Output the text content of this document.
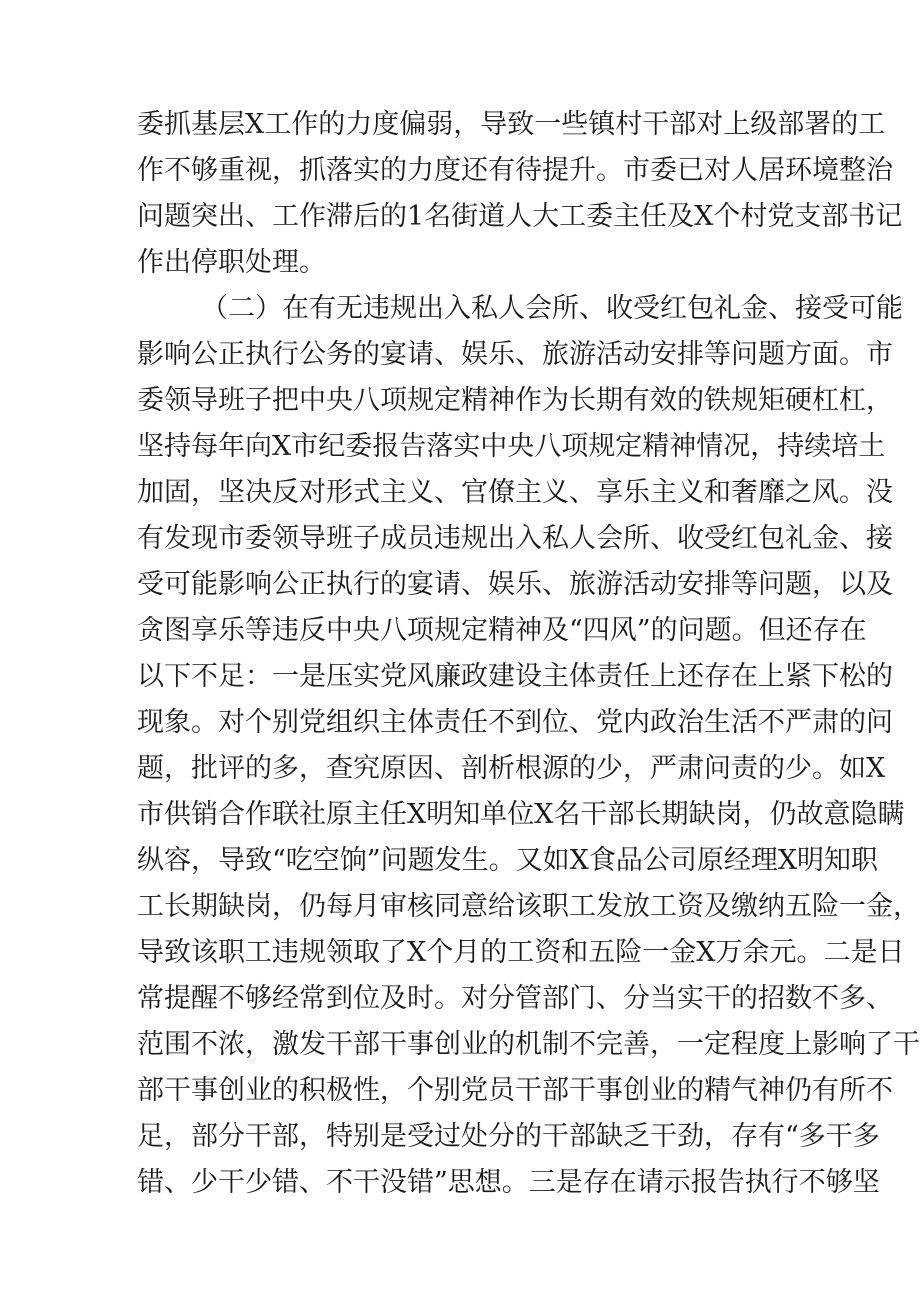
委抓基层X工作的力度偏弱，导致一些镇村干部对上级部署的工
作不够重视，抓落实的力度还有待提升。市委已对人居环境整治
问题突出、工作滞后的1名街道人大工委主任及X个村党支部书记
作出停职处理。
（二）在有无违规出入私人会所、收受红包礼金、接受可能
影响公正执行公务的宴请、娱乐、旅游活动安排等问题方面。市
委领导班子把中央八项规定精神作为长期有效的铁规矩硬杠杠，
坚持每年向X市纪委报告落实中央八项规定精神情况，持续培土
加固，坚决反对形式主义、官僚主义、享乐主义和奢靡之风。没
有发现市委领导班子成员违规出入私人会所、收受红包礼金、接
受可能影响公正执行的宴请、娱乐、旅游活动安排等问题，以及
贪图享乐等违反中央八项规定精神及“四风”的问题。但还存在
以下不足：一是压实党风廉政建设主体责任上还存在上紧下松的
现象。对个别党组织主体责任不到位、党内政治生活不严肃的问
题，批评的多，查究原因、剖析根源的少，严肃问责的少。如X
市供销合作联社原主任X明知单位X名干部长期缺岗，仍故意隐瞒
纵容，导致“吃空饷”问题发生。又如X食品公司原经理X明知职
工长期缺岗，仍每月审核同意给该职工发放工资及缴纳五险一金，
导致该职工违规领取了X个月的工资和五险一金X万余元。二是日
常提醒不够经常到位及时。对分管部门、分当实干的招数不多、
范围不浓，激发干部干事创业的机制不完善，一定程度上影响了干
部干事创业的积极性，个别党员干部干事创业的精气神仍有所不
足，部分干部，特别是受过处分的干部缺乏干劲，存有“多干多
错、少干少错、不干没错”思想。三是存在请示报告执行不够坚
